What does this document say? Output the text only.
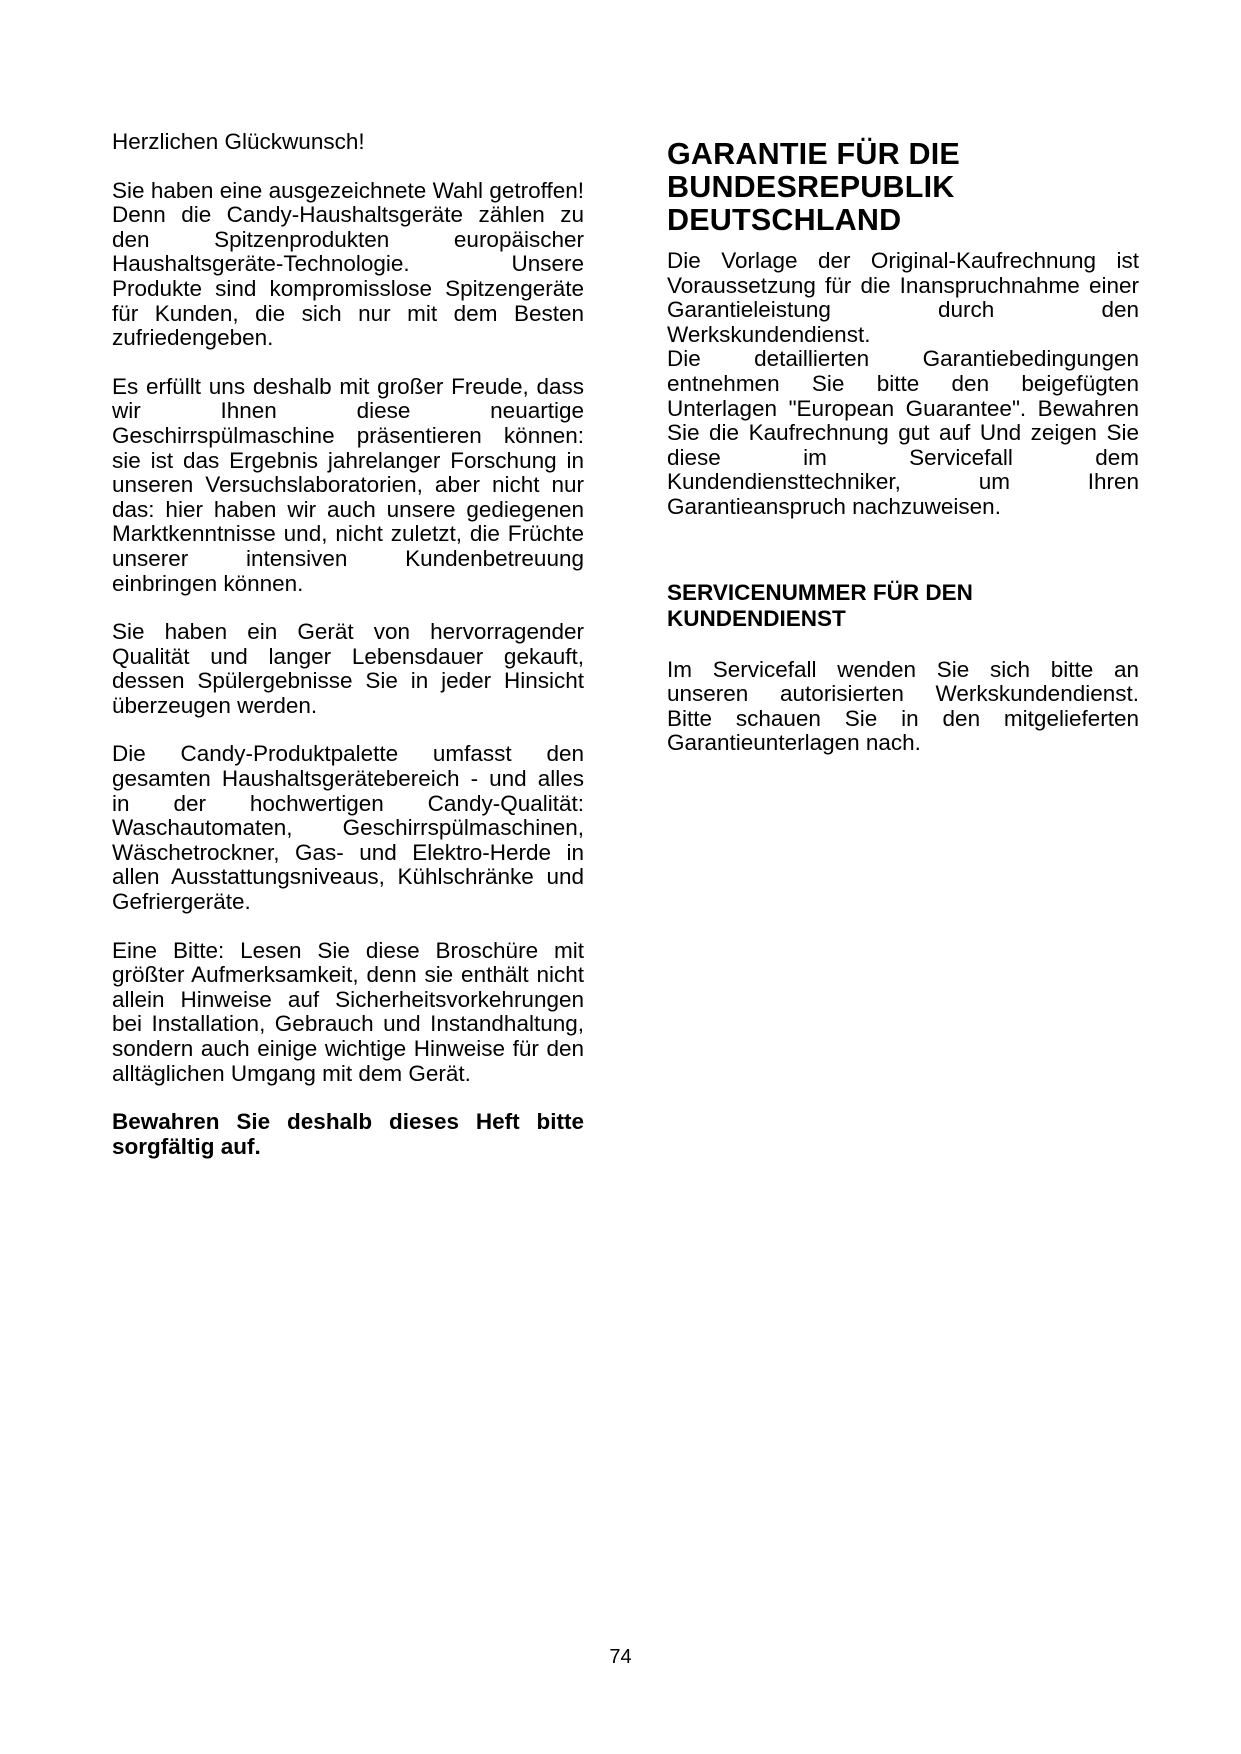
Herzlichen Glückwunsch!

Sie haben eine ausgezeichnete Wahl getroffen! Denn die Candy-Haushaltsgeräte zählen zu den Spitzenprodukten europäischer Haushaltsgeräte-Technologie. Unsere Produkte sind kompromisslose Spitzengeräte für Kunden, die sich nur mit dem Besten zufriedengeben.

Es erfüllt uns deshalb mit großer Freude, dass wir Ihnen diese neuartige Geschirrspülmaschine präsentieren können: sie ist das Ergebnis jahrelanger Forschung in unseren Versuchslaboratorien, aber nicht nur das: hier haben wir auch unsere gediegenen Marktkenntnisse und, nicht zuletzt, die Früchte unserer intensiven Kundenbetreuung einbringen können.

Sie haben ein Gerät von hervorragender Qualität und langer Lebensdauer gekauft, dessen Spülergebnisse Sie in jeder Hinsicht überzeugen werden.

Die Candy-Produktpalette umfasst den gesamten Haushaltsgerätebereich - und alles in der hochwertigen Candy-Qualität: Waschautomaten, Geschirrspülmaschinen, Wäschetrockner, Gas- und Elektro-Herde in allen Ausstattungsniveaus, Kühlschränke und Gefriergeräte.

Eine Bitte: Lesen Sie diese Broschüre mit größter Aufmerksamkeit, denn sie enthält nicht allein Hinweise auf Sicherheitsvorkehrungen bei Installation, Gebrauch und Instandhaltung, sondern auch einige wichtige Hinweise für den alltäglichen Umgang mit dem Gerät.

Bewahren Sie deshalb dieses Heft bitte sorgfältig auf.

GARANTIE FÜR DIE
BUNDESREPUBLIK
DEUTSCHLAND

Die Vorlage der Original-Kaufrechnung ist Voraussetzung für die Inanspruchnahme einer Garantieleistung durch den Werkskundendienst.

Die detaillierten Garantiebedingungen entnehmen Sie bitte den beigefügten Unterlagen "European Guarantee". Bewahren Sie die Kaufrechnung gut auf Und zeigen Sie diese im Servicefall dem Kundendiensttechniker, um Ihren Garantieanspruch nachzuweisen.

SERVICENUMMER FÜR DEN
KUNDENDIENST

Im Servicefall wenden Sie sich bitte an unseren autorisierten Werkskundendienst. Bitte schauen Sie in den mitgelieferten Garantieunterlagen nach.

74
